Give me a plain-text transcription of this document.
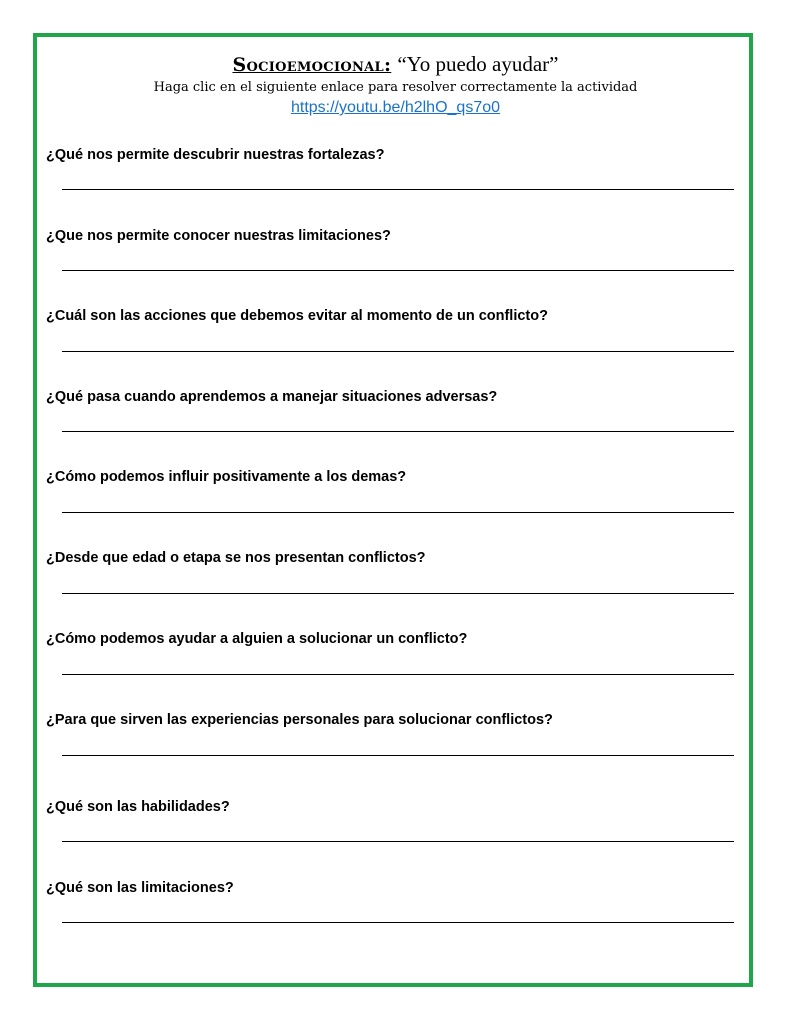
Socioemocional: “Yo puedo ayudar”
Haga clic en el siguiente enlace para resolver correctamente la actividad
https://youtu.be/h2lhO_qs7o0
¿Qué nos permite descubrir nuestras fortalezas?
¿Que nos permite conocer nuestras limitaciones?
¿Cuál son las acciones que debemos evitar al momento de un conflicto?
¿Qué pasa cuando aprendemos a manejar situaciones adversas?
¿Cómo podemos influir positivamente a los demas?
¿Desde que edad o etapa se nos presentan conflictos?
¿Cómo podemos ayudar a alguien a solucionar un conflicto?
¿Para que sirven las experiencias personales para solucionar conflictos?
¿Qué son las habilidades?
¿Qué son las limitaciones?
